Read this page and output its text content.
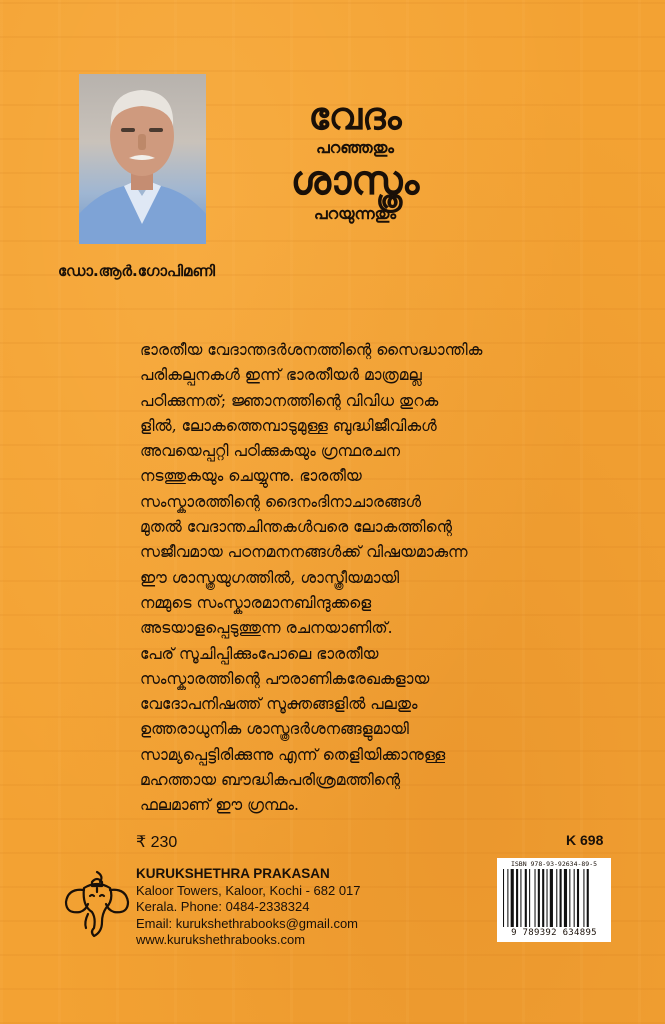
വേദം
പറഞ്ഞതും
ശാസ്ത്രം
പറയുന്നതും
ഡോ.ആർ.ഗോപിമണി
ഭാരതീയ വേദാന്തദർശനത്തിന്റെ സൈദ്ധാന്തിക
പരികല്പനകൾ ഇന്ന് ഭാരതീയർ മാത്രമല്ല
പഠിക്കുന്നത്; ജ്ഞാനത്തിന്റെ വിവിധ തുറക
ളിൽ, ലോകത്തെമ്പാടുമുള്ള ബുദ്ധിജീവികൾ
അവയെപ്പറ്റി പഠിക്കുകയും ഗ്രന്ഥരചന
നടത്തുകയും ചെയ്യുന്നു. ഭാരതീയ
സംസ്കാരത്തിന്റെ ദൈനംദിനാചാരങ്ങൾ
മുതൽ വേദാന്തചിന്തകൾവരെ ലോകത്തിന്റെ
സജീവമായ പഠനമനനങ്ങൾക്ക് വിഷയമാകുന്ന
ഈ ശാസ്ത്രയുഗത്തിൽ, ശാസ്ത്രീയമായി
നമ്മുടെ സംസ്കാരമാനബിന്ദുക്കളെ
അടയാളപ്പെടുത്തുന്ന രചനയാണിത്.
പേര് സൂചിപ്പിക്കുംപോലെ ഭാരതീയ
സംസ്കാരത്തിന്റെ പൗരാണികരേഖകളായ
വേദോപനിഷത്ത് സൂക്തങ്ങളിൽ പലതും
ഉത്തരാധുനിക ശാസ്ത്രദർശനങ്ങളുമായി
സാമ്യപ്പെട്ടിരിക്കുന്നു എന്ന് തെളിയിക്കാനുള്ള
മഹത്തായ ബൗദ്ധികപരിശ്രമത്തിന്റെ
ഫലമാണ് ഈ ഗ്രന്ഥം.
₹ 230	K 698
KURUKSHETHRA PRAKASAN
Kaloor Towers, Kaloor, Kochi - 682 017
Kerala. Phone: 0484-2338324
Email: kurukshethrabooks@gmail.com
www.kurukshethrabooks.com
ISBN 978-93-92634-89-5
9 789392 634895
